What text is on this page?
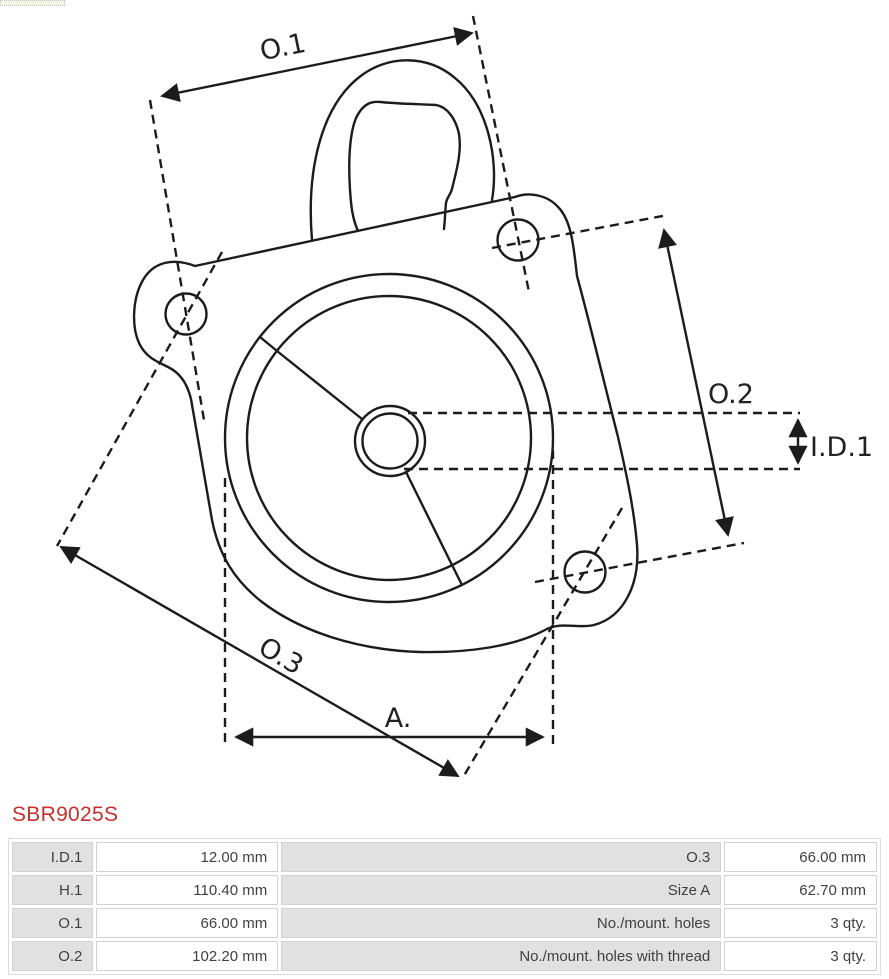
O.1
O.2
I.D.1
O.3
A.
SBR9025S
I.D.1	12.00 mm	O.3	66.00 mm
H.1	110.40 mm	Size A	62.70 mm
O.1	66.00 mm	No./mount. holes	3 qty.
O.2	102.20 mm	No./mount. holes with thread	3 qty.
